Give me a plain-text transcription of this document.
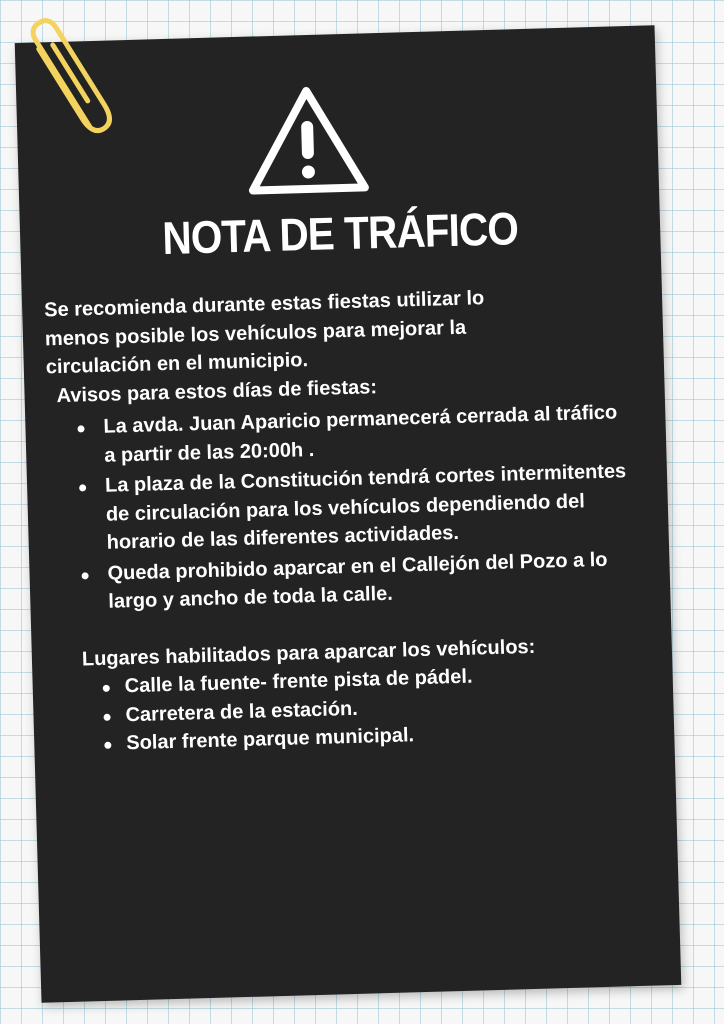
NOTA DE TRÁFICO

Se recomienda durante estas fiestas utilizar lo
menos posible los vehículos para mejorar la
circulación en el municipio.

Avisos para estos días de fiestas:

La avda. Juan Aparicio permanecerá cerrada al tráfico a partir de las 20:00h .
La plaza de la Constitución tendrá cortes intermitentes de circulación para los vehículos dependiendo del horario de las diferentes actividades.
Queda prohibido aparcar en el Callejón del Pozo a lo largo y ancho de toda la calle.

Lugares habilitados para aparcar los vehículos:

Calle la fuente- frente pista de pádel.
Carretera de la estación.
Solar frente parque municipal.
